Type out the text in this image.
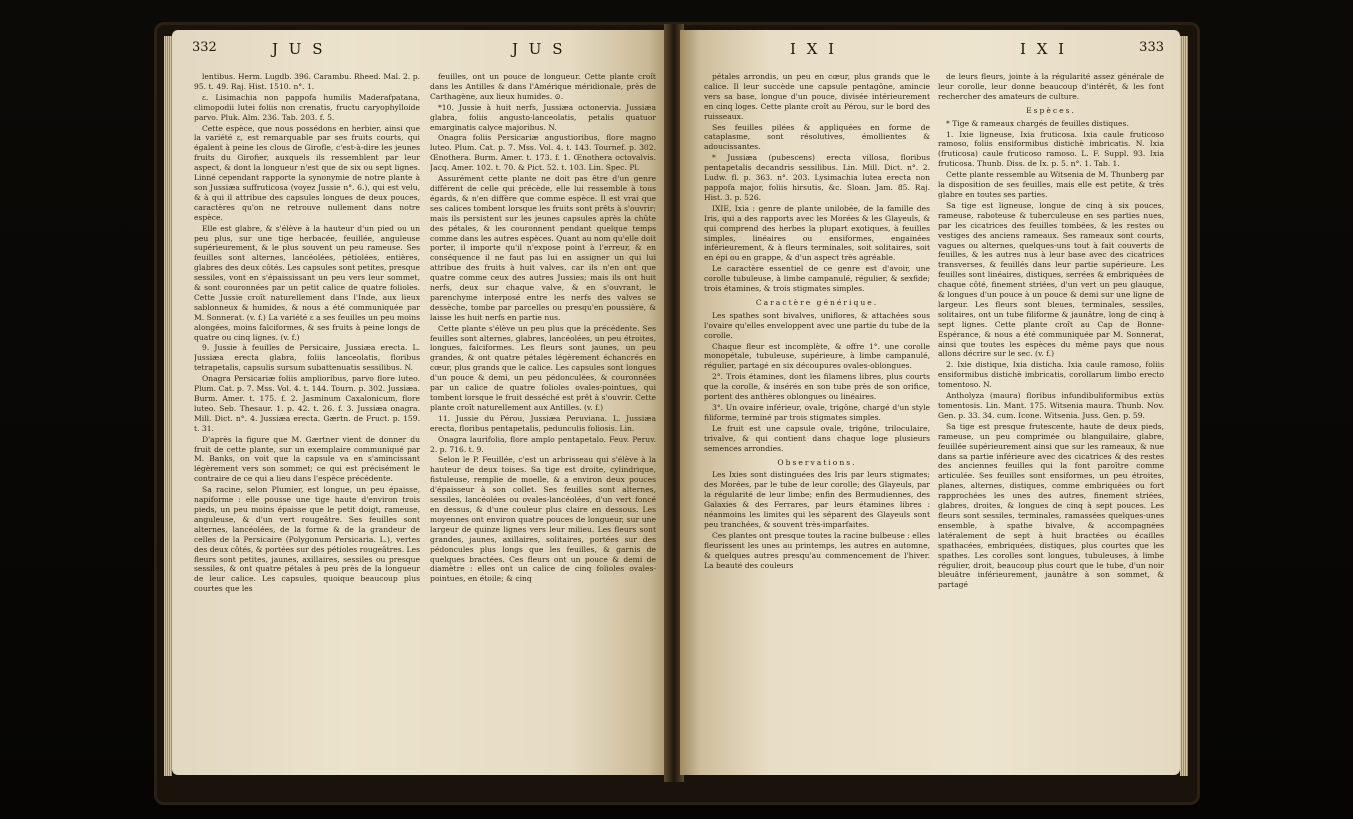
332	J U S	J U S

lentibus. Herm. Lugdb. 396. Carambu. Rheed. Mal. 2. p. 95. t. 49. Raj. Hist. 1510. n°. 1.

ε. Lisimachia non pappofa humilis Maderafpatana, climopodii lutei foliis non crenatis, fructu caryophylloide parvo. Pluk. Alm. 236. Tab. 203. f. 5.

Cette espèce, que nous possédons en herbier, ainsi que la variété ε, est remarquable par ses fruits courts, qui égalent à peine les clous de Girofle, c'est-à-dire les jeunes fruits du Girofier, auxquels ils ressemblent par leur aspect, & dont la longueur n'est que de six ou sept lignes. Linné cependant rapporte la synonymie de notre plante à son Jussiæa suffruticosa (voyez Jussie n°. 6.), qui est velu, & à qui il attribue des capsules longues de deux pouces, caractères qu'on ne retrouve nullement dans notre espèce.

Elle est glabre, & s'élève à la hauteur d'un pied ou un peu plus, sur une tige herbacée, feuillée, anguleuse supérieurement, & le plus souvent un peu rameuse. Ses feuilles sont alternes, lancéolées, pétiolées, entières, glabres des deux côtés. Les capsules sont petites, presque sessiles, vont en s'épaississant un peu vers leur sommet, & sont couronnées par un petit calice de quatre folioles. Cette Jussie croît naturellement dans l'Inde, aux lieux sablonneux & humides, & nous a été communiquée par M. Sonnerat. (v. f.) La variété ε a ses feuilles un peu moins alongées, moins falciformes, & ses fruits à peine longs de quatre ou cinq lignes. (v. f.)

9. Jussie à feuilles de Persicaire, Jussiæa erecta. L. Jussiæa erecta glabra, foliis lanceolatis, floribus tetrapetalis, capsulis sursum subattenuatis sessilibus. N.

Onagra Persicariæ foliis amplioribus, parvo flore luteo. Plum. Cat. p. 7. Mss. Vol. 4. t. 144. Tourn. p. 302. Jussiæa. Burm. Amer. t. 175. f. 2. Jasminum Caxalonicum, flore luteo. Seb. Thesaur. 1. p. 42. t. 26. f. 3. Jussiæa onagra. Mill. Dict. n°. 4. Jussiæa erecta. Gærtn. de Fruct. p. 159. t. 31.

D'après la figure que M. Gærtner vient de donner du fruit de cette plante, sur un exemplaire communiqué par M. Banks, on voit que la capsule va en s'amincissant légèrement vers son sommet; ce qui est précisément le contraire de ce qui a lieu dans l'espèce précédente.

Sa racine, selon Plumier, est longue, un peu épaisse, napiforme : elle pousse une tige haute d'environ trois pieds, un peu moins épaisse que le petit doigt, rameuse, anguleuse, & d'un vert rougeâtre. Ses feuilles sont alternes, lancéolées, de la forme & de la grandeur de celles de la Persicaire (Polygonum Persicaria. L.), vertes des deux côtés, & portées sur des pétioles rougeâtres. Les fleurs sont petites, jaunes, axillaires, sessiles ou presque sessiles, & ont quatre pétales à peu près de la longueur de leur calice. Les capsules, quoique beaucoup plus courtes que les

feuilles, ont un pouce de longueur. Cette plante croît dans les Antilles & dans l'Amérique méridionale, près de Carthagène, aux lieux humides. ⊙.

*10. Jussie à huit nerfs, Jussiæa octonervia. Jussiæa glabra, foliis angusto-lanceolatis, petalis quatuor emarginatis calyce majoribus. N.

Onagra foliis Persicariæ angustioribus, flore magno luteo. Plum. Cat. p. 7. Mss. Vol. 4. t. 143. Tournef. p. 302. Œnothera. Burm. Amer. t. 173. f. 1. Œnothera octovalvis. Jacq. Amer. 102. t. 70. & Pict. 52. t. 103. Lin. Spec. Pl.

Assurément cette plante ne doit pas être d'un genre différent de celle qui précède, elle lui ressemble à tous égards, & n'en diffère que comme espèce. Il est vrai que ses calices tombent lorsque les fruits sont prêts à s'ouvrir; mais ils persistent sur les jeunes capsules après la chûte des pétales, & les couronnent pendant quelque temps comme dans les autres espèces. Quant au nom qu'elle doit porter, il importe qu'il n'expose point à l'erreur, & en conséquence il ne faut pas lui en assigner un qui lui attribue des fruits à huit valves, car ils n'en ont que quatre comme ceux des autres Jussies; mais ils ont huit nerfs, deux sur chaque valve, & en s'ouvrant, le parenchyme interposé entre les nerfs des valves se dessèche, tombe par parcelles ou presqu'en poussière, & laisse les huit nerfs en partie nus.

Cette plante s'élève un peu plus que la précédente. Ses feuilles sont alternes, glabres, lancéolées, un peu étroites, longues, falciformes. Les fleurs sont jaunes, un peu grandes, & ont quatre pétales légèrement échancrés en cœur, plus grands que le calice. Les capsules sont longues d'un pouce & demi, un peu pédonculées, & couronnées par un calice de quatre folioles ovales-pointues, qui tombent lorsque le fruit desséché est prêt à s'ouvrir. Cette plante croît naturellement aux Antilles. (v. f.)

11. Jussie du Pérou, Jussiæa Peruviana. L. Jussiæa erecta, floribus pentapetalis, pedunculis foliosis. Lin.

Onagra laurifolia, flore amplo pentapetalo. Feuv. Peruv. 2. p. 716. t. 9.

Selon le P. Feuillée, c'est un arbrisseau qui s'élève à la hauteur de deux toises. Sa tige est droite, cylindrique, fistuleuse, remplie de moelle, & a environ deux pouces d'épaisseur à son collet. Ses feuilles sont alternes, sessiles, lancéolées ou ovales-lancéolées, d'un vert foncé en dessus, & d'une couleur plus claire en dessous. Les moyennes ont environ quatre pouces de longueur, sur une largeur de quinze lignes vers leur milieu. Les fleurs sont grandes, jaunes, axillaires, solitaires, portées sur des pédoncules plus longs que les feuilles, & garnis de quelques bractées. Ces fleurs ont un pouce & demi de diamètre : elles ont un calice de cinq folioles ovales-pointues, en étoile; & cinq

I X I	I X I	333

pétales arrondis, un peu en cœur, plus grands que le calice. Il leur succède une capsule pentagône, amincie vers sa base, longue d'un pouce, divisée intérieurement en cinq loges. Cette plante croît au Pérou, sur le bord des ruisseaux.

Ses feuilles pilées & appliquées en forme de cataplasme, sont résolutives, émollientes & adoucissantes.

* Jussiæa (pubescens) erecta villosa, floribus pentapetalis decandris sessilibus. Lin. Mill. Dict. n°. 2. Ludw. fl. p. 363. n°. 203. Lysimachia lutea erecta non pappofa major, foliis hirsutis, &c. Sloan. Jam. 85. Raj. Hist. 3. p. 526.

IXIE, Ixia : genre de plante unilobée, de la famille des Iris, qui a des rapports avec les Morées & les Glayeuls, & qui comprend des herbes la plupart exotiques, à feuilles simples, linéaires ou ensiformes, engainées inférieurement, & à fleurs terminales, soit solitaires, soit en épi ou en grappe, & d'un aspect très agréable.

Le caractère essentiel de ce genre est d'avoir, une corolle tubuleuse, à limbe campanulé, régulier, & sexfide; trois étamines, & trois stigmates simples.

Caractère générique.

Les spathes sont bivalves, uniflores, & attachées sous l'ovaire qu'elles enveloppent avec une partie du tube de la corolle.

Chaque fleur est incomplète, & offre 1°. une corolle monopétale, tubuleuse, supérieure, à limbe campanulé, régulier, partagé en six découpures ovales-oblongues.

2°. Trois étamines, dont les filamens libres, plus courts que la corolle, & insérés en son tube près de son orifice, portent des anthères oblongues ou linéaires.

3°. Un ovaire inférieur, ovale, trigône, chargé d'un style filiforme, terminé par trois stigmates simples.

Le fruit est une capsule ovale, trigône, triloculaire, trivalve, & qui contient dans chaque loge plusieurs semences arrondies.

Observations.

Les Ixies sont distinguées des Iris par leurs stigmates; des Morées, par le tube de leur corolle; des Glayeuls, par la régularité de leur limbe; enfin des Bermudiennes, des Galaxies & des Ferrares, par leurs étamines libres : néanmoins les limites qui les séparent des Glayeuls sont peu tranchées, & souvent très-imparfaites.

Ces plantes ont presque toutes la racine bulbeuse : elles fleurissent les unes au printemps, les autres en automne, & quelques autres presqu'au commencement de l'hiver. La beauté des couleurs

de leurs fleurs, jointe à la régularité assez générale de leur corolle, leur donne beaucoup d'intérêt, & les font rechercher des amateurs de culture.

Espèces.

* Tige & rameaux chargés de feuilles distiques.

1. Ixie ligneuse, Ixia fruticosa. Ixia caule fruticoso ramoso, foliis ensiformibus distichè imbricatis. N. Ixia (fruticosa) caule fruticoso ramoso. L. F. Suppl. 93. Ixia fruticosa. Thunb. Diss. de Ix. p. 5. n°. 1. Tab. 1.

Cette plante ressemble au Witsenia de M. Thunberg par la disposition de ses feuilles, mais elle est petite, & très glabre en toutes ses parties.

Sa tige est ligneuse, longue de cinq à six pouces, rameuse, raboteuse & tuberculeuse en ses parties nues, par les cicatrices des feuilles tombées, & les restes ou vestiges des anciens rameaux. Ses rameaux sont courts, vagues ou alternes, quelques-uns tout à fait couverts de feuilles, & les autres nus à leur base avec des cicatrices transverses, & feuillés dans leur partie supérieure. Les feuilles sont linéaires, distiques, serrées & embriquées de chaque côté, finement striées, d'un vert un peu glauque, & longues d'un pouce à un pouce & demi sur une ligne de largeur. Les fleurs sont bleues, terminales, sessiles, solitaires, ont un tube filiforme & jaunâtre, long de cinq à sept lignes. Cette plante croît au Cap de Bonne-Espérance, & nous a été communiquée par M. Sonnerat, ainsi que toutes les espèces du même pays que nous allons décrire sur le sec. (v. f.)

2. Ixie distique, Ixia disticha. Ixia caule ramoso, foliis ensiformibus distichè imbricatis, corollarum limbo erecto tomentoso. N.

Antholyza (maura) floribus infundibuliformibus extùs tomentosis. Lin. Mant. 175. Witsenia maura. Thunb. Nov. Gen. p. 33. 34. cum. Icone. Witsenia. Juss. Gen. p. 59.

Sa tige est presque frutescente, haute de deux pieds, rameuse, un peu comprimée ou blanguilaire, glabre, feuillée supérieurement ainsi que sur les rameaux, & nue dans sa partie inférieure avec des cicatrices & des restes des anciennes feuilles qui la font paroître comme articulée. Ses feuilles sont ensiformes, un peu étroites, planes, alternes, distiques, comme embriquées ou fort rapprochées les unes des autres, finement striées, glabres, droites, & longues de cinq à sept pouces. Les fleurs sont sessiles, terminales, ramassées quelques-unes ensemble, à spathe bivalve, & accompagnées latéralement de sept à huit bractées ou écailles spathacées, embriquées, distiques, plus courtes que les spathes. Les corolles sont longues, tubuleuses, à limbe régulier, droit, beaucoup plus court que le tube, d'un noir bleuâtre inférieurement, jaunâtre à son sommet, & partagé
